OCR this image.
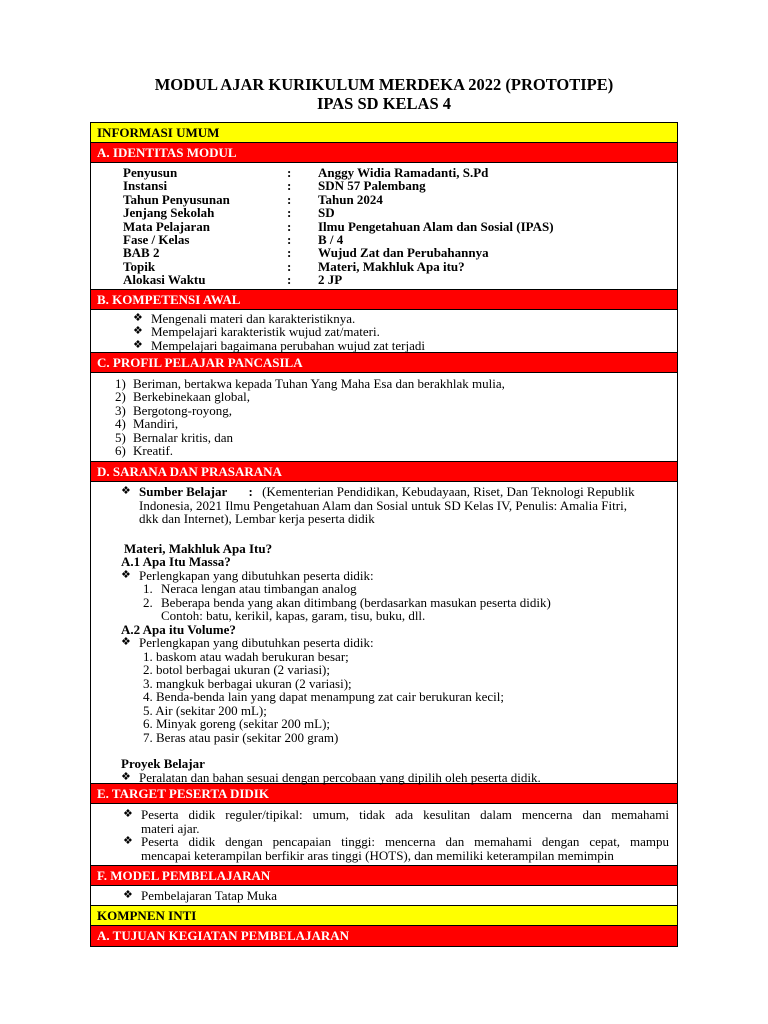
MODUL AJAR KURIKULUM MERDEKA 2022 (PROTOTIPE)
IPAS SD KELAS 4
INFORMASI UMUM
A. IDENTITAS MODUL
Penyusun	:	Anggy Widia Ramadanti, S.Pd
Instansi	:	SDN 57 Palembang
Tahun Penyusunan	:	Tahun 2024
Jenjang Sekolah	:	SD
Mata Pelajaran	:	Ilmu Pengetahuan Alam dan Sosial (IPAS)
Fase / Kelas	:	B / 4
BAB 2	:	Wujud Zat dan Perubahannya
Topik	:	Materi, Makhluk Apa itu?
Alokasi Waktu	:	2 JP
B. KOMPETENSI AWAL
❖ Mengenali materi dan karakteristiknya.
❖ Mempelajari karakteristik wujud zat/materi.
❖ Mempelajari bagaimana perubahan wujud zat terjadi
C. PROFIL PELAJAR PANCASILA
1) Beriman, bertakwa kepada Tuhan Yang Maha Esa dan berakhlak mulia,
2) Berkebinekaan global,
3) Bergotong-royong,
4) Mandiri,
5) Bernalar kritis, dan
6) Kreatif.
D. SARANA DAN PRASARANA
❖ Sumber Belajar : (Kementerian Pendidikan, Kebudayaan, Riset, Dan Teknologi Republik
Indonesia, 2021 Ilmu Pengetahuan Alam dan Sosial untuk SD Kelas IV, Penulis: Amalia Fitri,
dkk dan Internet), Lembar kerja peserta didik
Materi, Makhluk Apa Itu?
A.1 Apa Itu Massa?
❖ Perlengkapan yang dibutuhkan peserta didik:
1. Neraca lengan atau timbangan analog
2. Beberapa benda yang akan ditimbang (berdasarkan masukan peserta didik)
Contoh: batu, kerikil, kapas, garam, tisu, buku, dll.
A.2 Apa itu Volume?
❖ Perlengkapan yang dibutuhkan peserta didik:
1. baskom atau wadah berukuran besar;
2. botol berbagai ukuran (2 variasi);
3. mangkuk berbagai ukuran (2 variasi);
4. Benda-benda lain yang dapat menampung zat cair berukuran kecil;
5. Air (sekitar 200 mL);
6. Minyak goreng (sekitar 200 mL);
7. Beras atau pasir (sekitar 200 gram)
Proyek Belajar
❖ Peralatan dan bahan sesuai dengan percobaan yang dipilih oleh peserta didik.
E. TARGET PESERTA DIDIK
❖ Peserta didik reguler/tipikal: umum, tidak ada kesulitan dalam mencerna dan memahami
materi ajar.
❖ Peserta didik dengan pencapaian tinggi: mencerna dan memahami dengan cepat, mampu
mencapai keterampilan berfikir aras tinggi (HOTS), dan memiliki keterampilan memimpin
F. MODEL PEMBELAJARAN
❖ Pembelajaran Tatap Muka
KOMPNEN INTI
A. TUJUAN KEGIATAN PEMBELAJARAN
